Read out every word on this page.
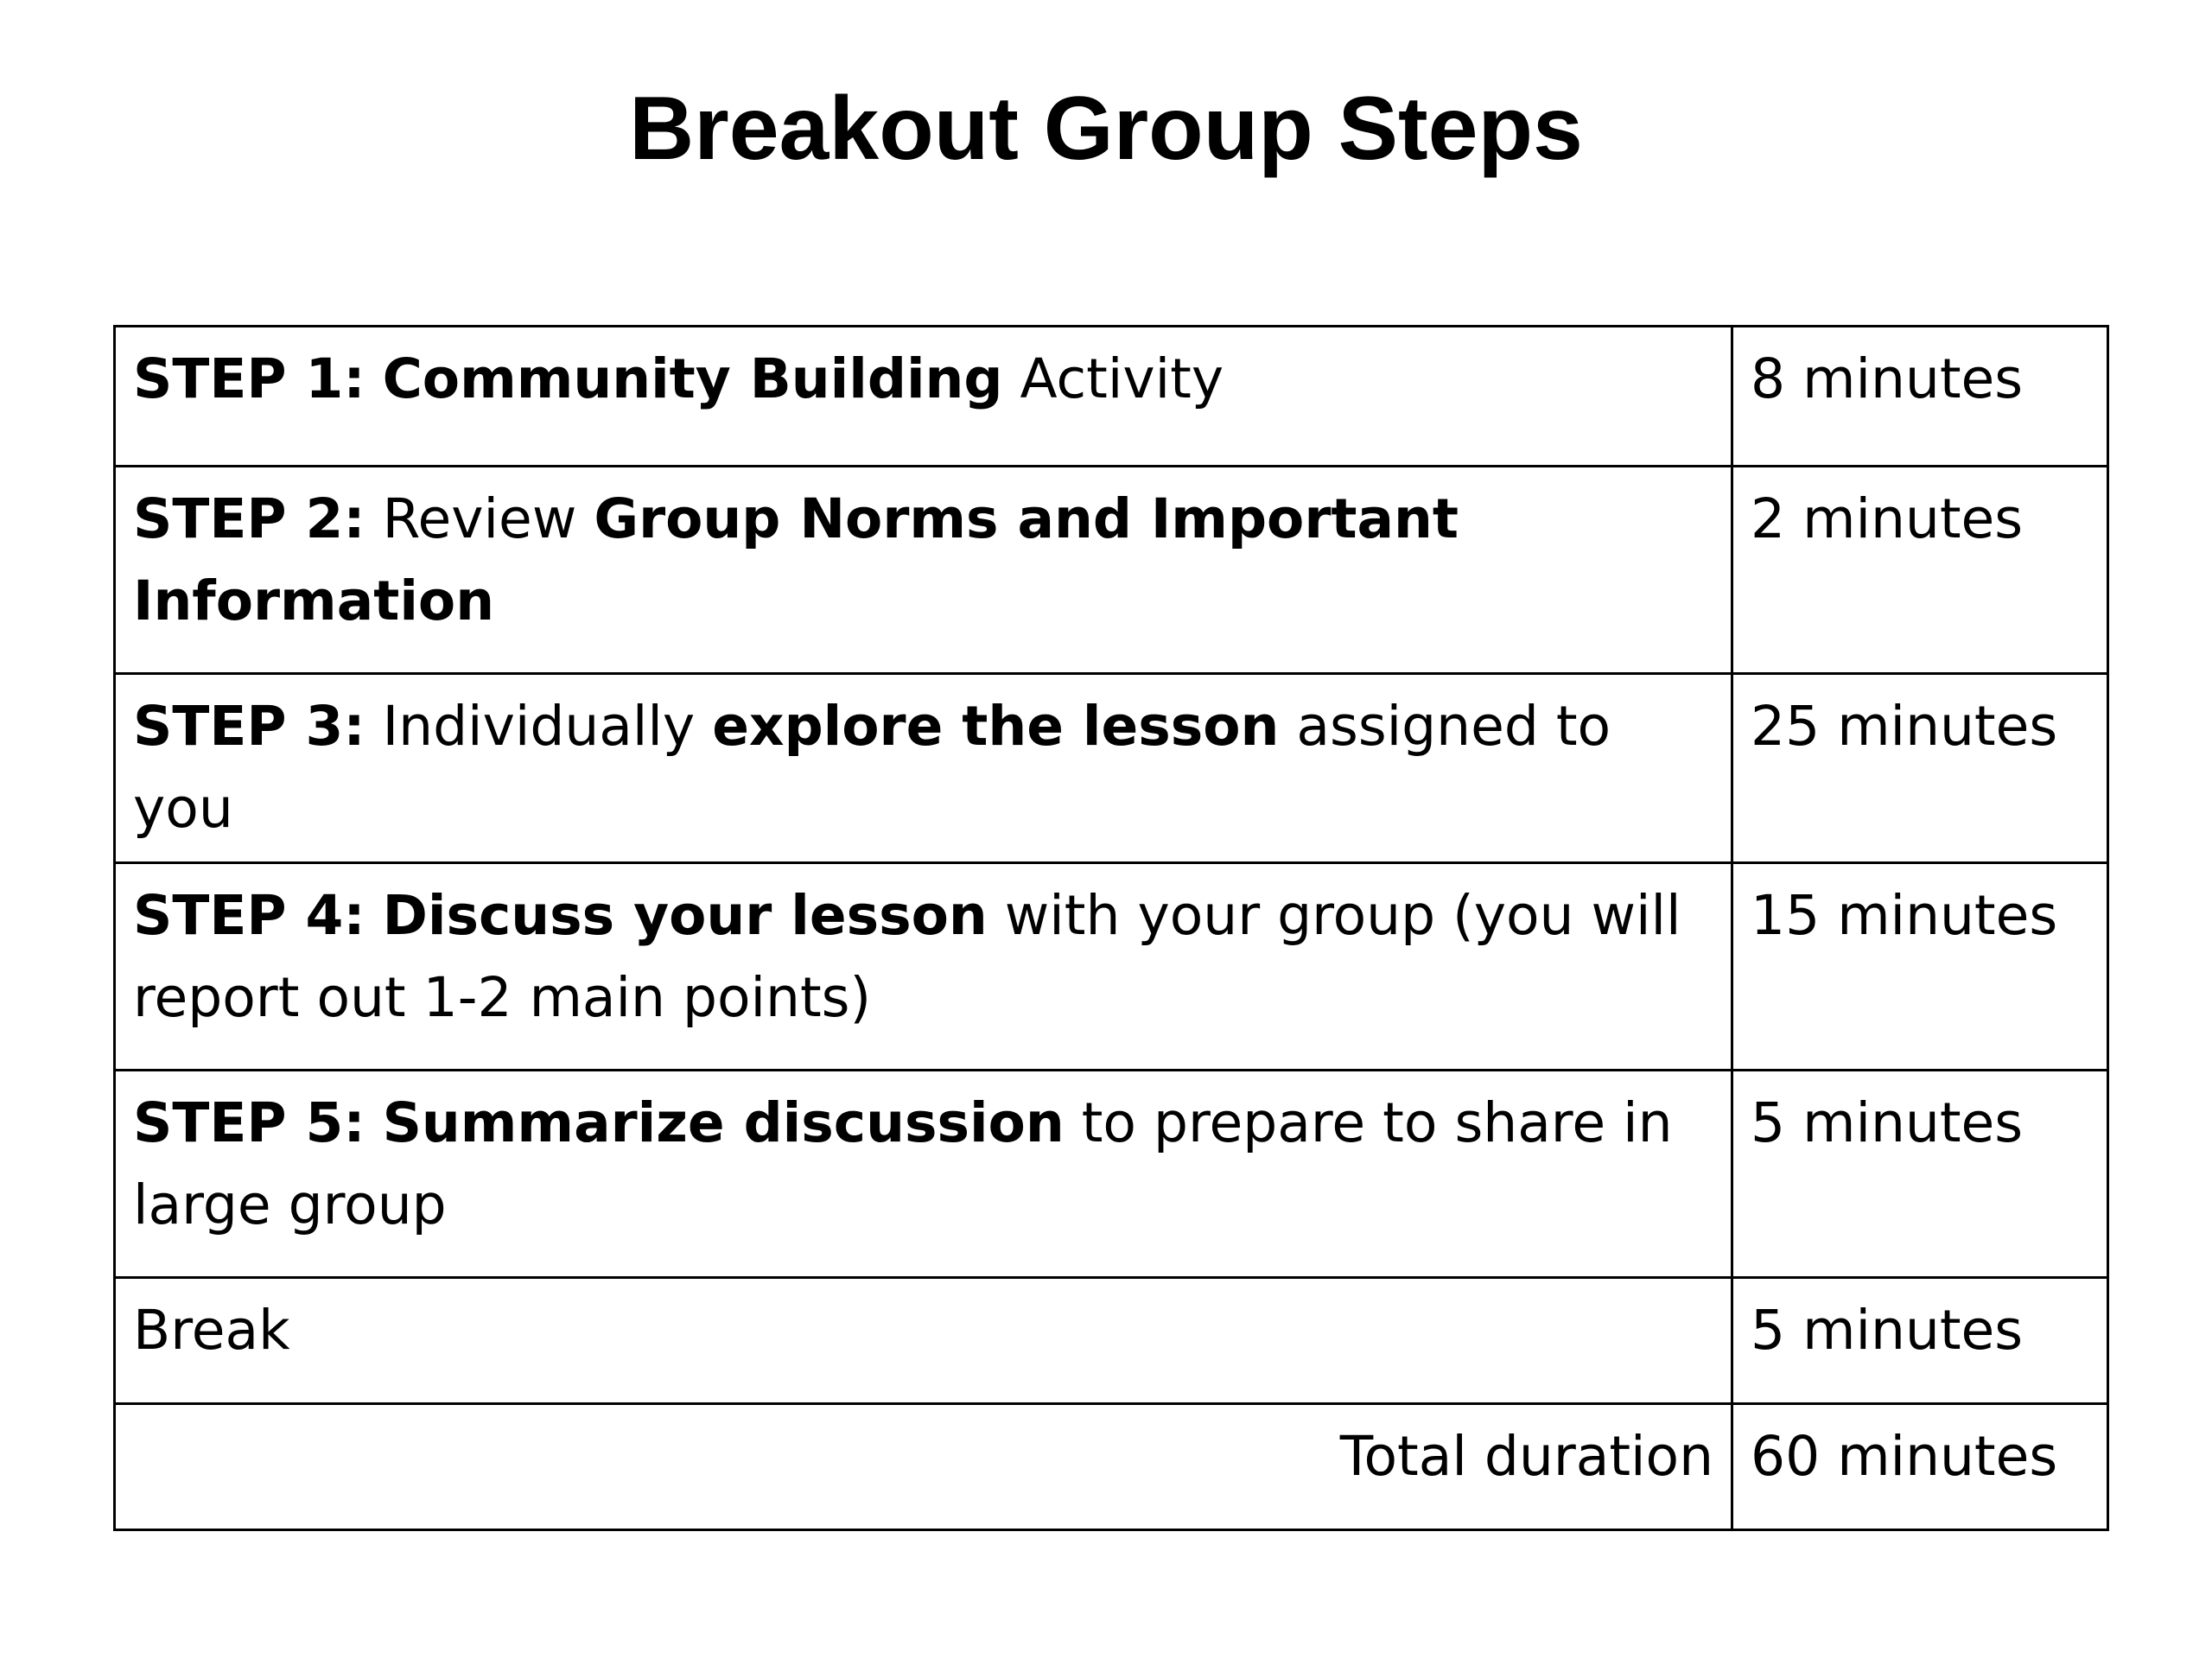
Breakout Group Steps
STEP 1: Community Building Activity	8 minutes
STEP 2: Review Group Norms and Important Information	2 minutes
STEP 3: Individually explore the lesson assigned to you	25 minutes
STEP 4: Discuss your lesson with your group (you will report out 1-2 main points)	15 minutes
STEP 5: Summarize discussion to prepare to share in large group	5 minutes
Break	5 minutes
Total duration	60 minutes
